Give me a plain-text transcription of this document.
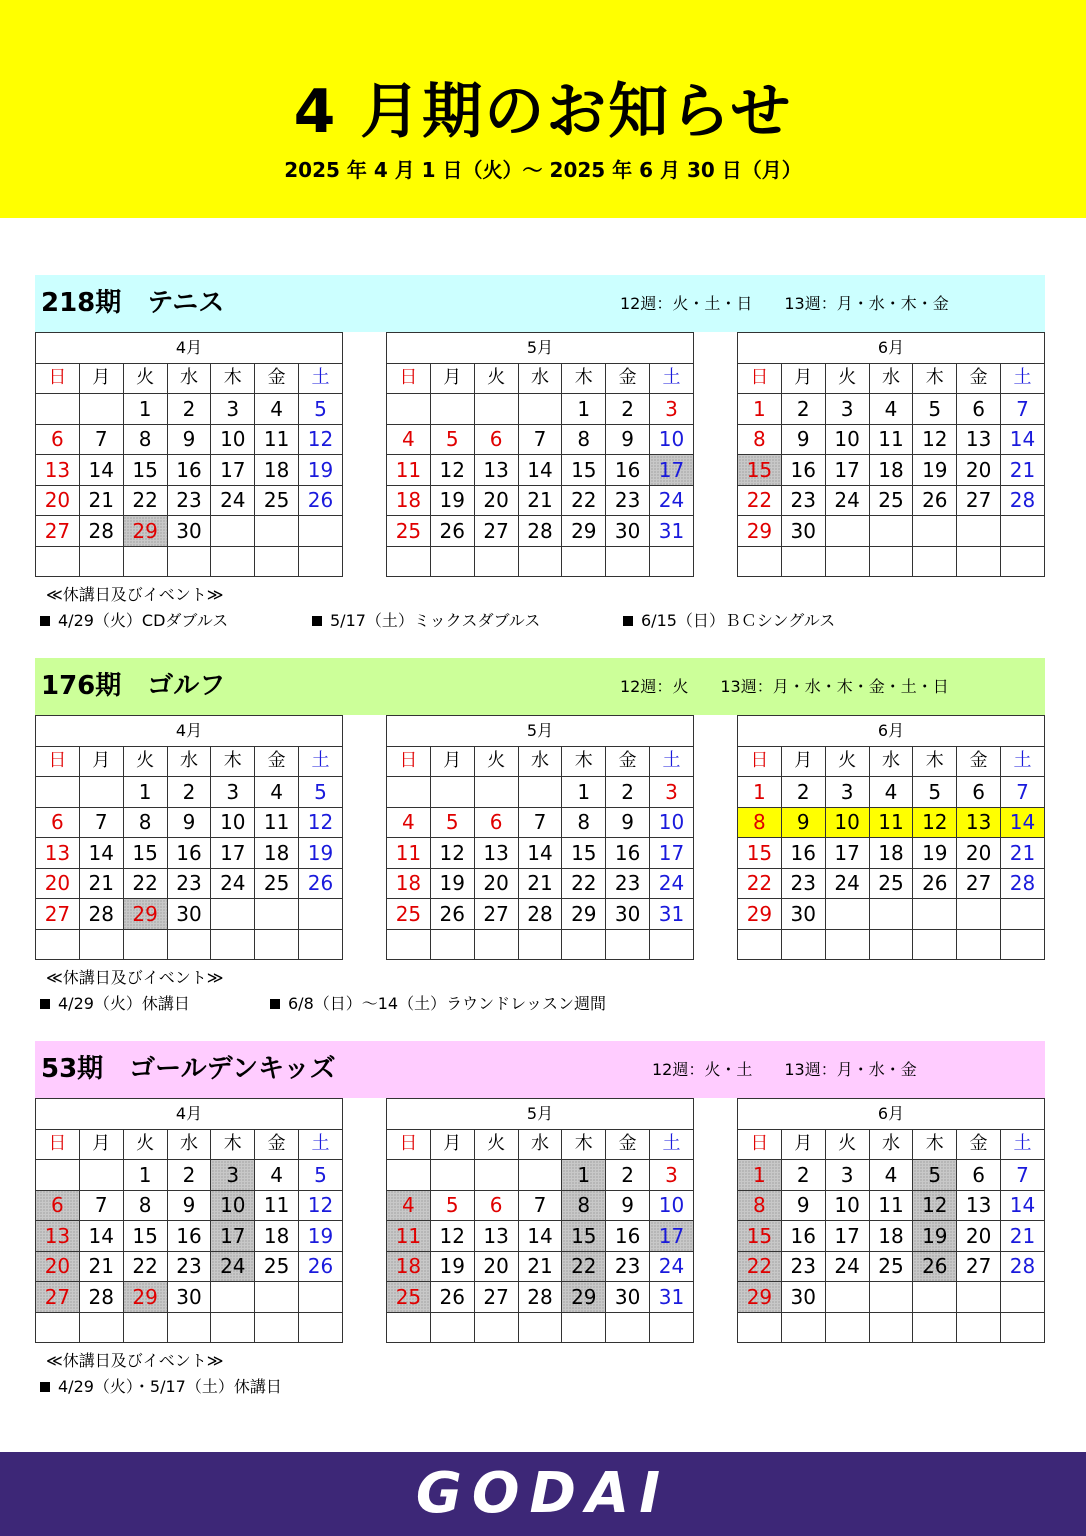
4 月期のお知らせ
2025 年 4 月 1 日（火）～ 2025 年 6 月 30 日（月）
218期　テニス	12週：火・土・日　　13週：月・水・木・金
4月						
日	月	火	水	木	金	土
		1	2	3	4	5
6	7	8	9	10	11	12
13	14	15	16	17	18	19
20	21	22	23	24	25	26
27	28	29	30			

5月						
日	月	火	水	木	金	土
				1	2	3
4	5	6	7	8	9	10
11	12	13	14	15	16	17
18	19	20	21	22	23	24
25	26	27	28	29	30	31

6月						
日	月	火	水	木	金	土
1	2	3	4	5	6	7
8	9	10	11	12	13	14
15	16	17	18	19	20	21
22	23	24	25	26	27	28
29	30					

≪休講日及びイベント≫
4/29（火）CDダブルス	5/17（土）ミックスダブルス	6/15（日）ＢＣシングルス
176期　ゴルフ	12週：火　　13週：月・水・木・金・土・日
4月						
日	月	火	水	木	金	土
		1	2	3	4	5
6	7	8	9	10	11	12
13	14	15	16	17	18	19
20	21	22	23	24	25	26
27	28	29	30			

5月						
日	月	火	水	木	金	土
				1	2	3
4	5	6	7	8	9	10
11	12	13	14	15	16	17
18	19	20	21	22	23	24
25	26	27	28	29	30	31

6月						
日	月	火	水	木	金	土
1	2	3	4	5	6	7
8	9	10	11	12	13	14
15	16	17	18	19	20	21
22	23	24	25	26	27	28
29	30					

≪休講日及びイベント≫
4/29（火）休講日	6/8（日）～14（土）ラウンドレッスン週間
53期　ゴールデンキッズ	12週：火・土　　13週：月・水・金
4月						
日	月	火	水	木	金	土
		1	2	3	4	5
6	7	8	9	10	11	12
13	14	15	16	17	18	19
20	21	22	23	24	25	26
27	28	29	30			

5月						
日	月	火	水	木	金	土
				1	2	3
4	5	6	7	8	9	10
11	12	13	14	15	16	17
18	19	20	21	22	23	24
25	26	27	28	29	30	31

6月						
日	月	火	水	木	金	土
1	2	3	4	5	6	7
8	9	10	11	12	13	14
15	16	17	18	19	20	21
22	23	24	25	26	27	28
29	30					

≪休講日及びイベント≫
4/29（火）・5/17（土）休講日
GODAI
